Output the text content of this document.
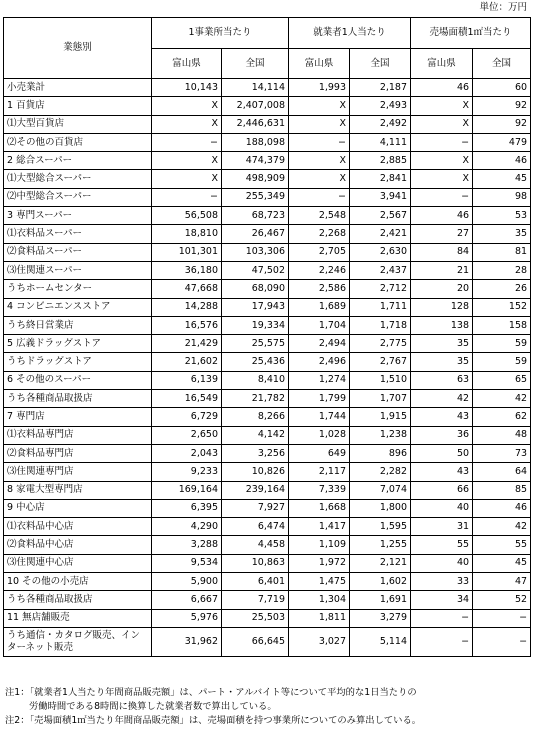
単位：万円
業態別	1事業所当たり		就業者1人当たり		売場面積1㎡当たり	
	富山県	全国	富山県	全国	富山県	全国
小売業計	10,143	14,114	1,993	2,187	46	60
1 百貨店	X	2,407,008	X	2,493	X	92
⑴大型百貨店	X	2,446,631	X	2,492	X	92
⑵その他の百貨店	−	188,098	−	4,111	−	479
2 総合スーパー	X	474,379	X	2,885	X	46
⑴大型総合スーパー	X	498,909	X	2,841	X	45
⑵中型総合スーパー	−	255,349	−	3,941	−	98
3 専門スーパー	56,508	68,723	2,548	2,567	46	53
⑴衣料品スーパー	18,810	26,467	2,268	2,421	27	35
⑵食料品スーパー	101,301	103,306	2,705	2,630	84	81
⑶住関連スーパー	36,180	47,502	2,246	2,437	21	28
うちホームセンター	47,668	68,090	2,586	2,712	20	26
4 コンビニエンスストア	14,288	17,943	1,689	1,711	128	152
うち終日営業店	16,576	19,334	1,704	1,718	138	158
5 広義ドラッグストア	21,429	25,575	2,494	2,775	35	59
うちドラッグストア	21,602	25,436	2,496	2,767	35	59
6 その他のスーパー	6,139	8,410	1,274	1,510	63	65
うち各種商品取扱店	16,549	21,782	1,799	1,707	42	42
7 専門店	6,729	8,266	1,744	1,915	43	62
⑴衣料品専門店	2,650	4,142	1,028	1,238	36	48
⑵食料品専門店	2,043	3,256	649	896	50	73
⑶住関連専門店	9,233	10,826	2,117	2,282	43	64
8 家電大型専門店	169,164	239,164	7,339	7,074	66	85
9 中心店	6,395	7,927	1,668	1,800	40	46
⑴衣料品中心店	4,290	6,474	1,417	1,595	31	42
⑵食料品中心店	3,288	4,458	1,109	1,255	55	55
⑶住関連中心店	9,534	10,863	1,972	2,121	40	45
10 その他の小売店	5,900	6,401	1,475	1,602	33	47
うち各種商品取扱店	6,667	7,719	1,304	1,691	34	52
11 無店舗販売	5,976	25,503	1,811	3,279	−	−
うち通信・カタログ販売、インターネット販売	31,962	66,645	3,027	5,114	−	−
注1：「就業者1人当たり年間商品販売額」は、パート・アルバイト等について平均的な1日当たりの
労働時間である8時間に換算した就業者数で算出している。
注2：「売場面積1㎡当たり年間商品販売額」は、売場面積を持つ事業所についてのみ算出している。
